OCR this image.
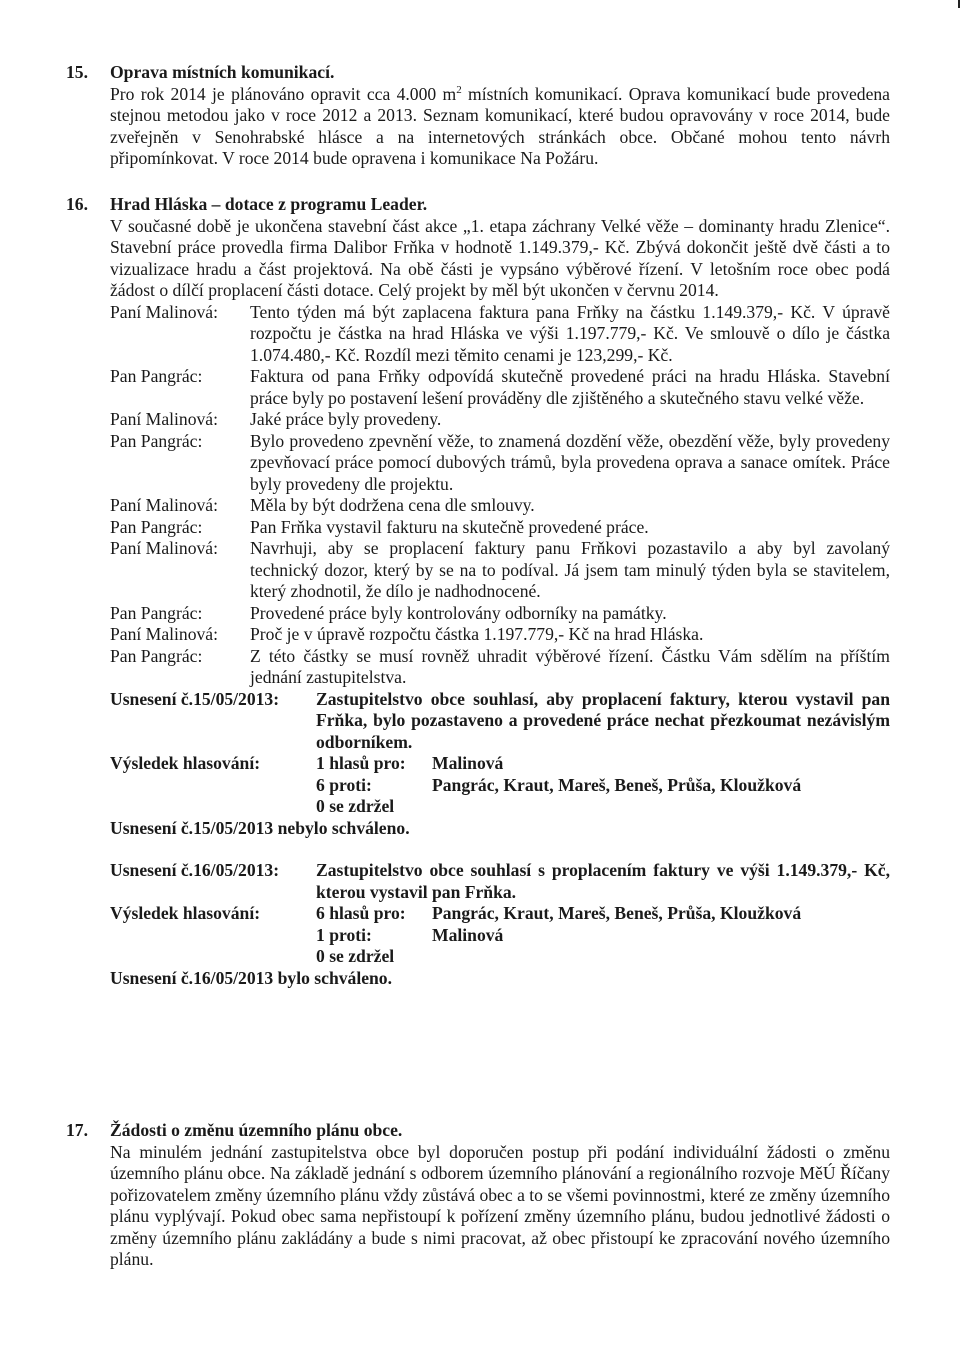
15. Oprava místních komunikací.
Pro rok 2014 je plánováno opravit cca 4.000 $m^2$ místních komunikací. Oprava komunikací bude provedena stejnou metodou jako v roce 2012 a 2013. Seznam komunikací, které budou opravovány v roce 2014, bude zveřejněn v Senohrabské hlásce a na internetových stránkách obce. Občané mohou tento návrh připomínkovat. V roce 2014 bude opravena i komunikace Na Požáru.
16. Hrad Hláska – dotace z programu Leader.
V současné době je ukončena stavební část akce „1. etapa záchrany Velké věže – dominanty hradu Zlenice“. Stavební práce provedla firma Dalibor Frňka v hodnotě 1.149.379,- Kč. Zbývá dokončit ještě dvě části a to vizualizace hradu a část projektová. Na obě části je vypsáno výběrové řízení. V letošním roce obec podá žádost o dílčí proplacení části dotace. Celý projekt by měl být ukončen v červnu 2014.
Paní Malinová:	Tento týden má být zaplacena faktura pana Frňky na částku 1.149.379,- Kč. V úpravě rozpočtu je částka na hrad Hláska ve výši 1.197.779,- Kč. Ve smlouvě o dílo je částka 1.074.480,- Kč. Rozdíl mezi těmito cenami je 123,299,- Kč.
Pan Pangrác:	Faktura od pana Frňky odpovídá skutečně provedené práci na hradu Hláska. Stavební práce byly po postavení lešení prováděny dle zjištěného a skutečného stavu velké věže.
Paní Malinová:	Jaké práce byly provedeny.
Pan Pangrác:	Bylo provedeno zpevnění věže, to znamená dozdění věže, obezdění věže, byly provedeny zpevňovací práce pomocí dubových trámů, byla provedena oprava a sanace omítek. Práce byly provedeny dle projektu.
Paní Malinová:	Měla by být dodržena cena dle smlouvy.
Pan Pangrác:	Pan Frňka vystavil fakturu na skutečně provedené práce.
Paní Malinová:	Navrhuji, aby se proplacení faktury panu Frňkovi pozastavilo a aby byl zavolaný technický dozor, který by se na to podíval. Já jsem tam minulý týden byla se stavitelem, který zhodnotil, že dílo je nadhodnocené.
Pan Pangrác:	Provedené práce byly kontrolovány odborníky na památky.
Paní Malinová:	Proč je v úpravě rozpočtu částka 1.197.779,- Kč na hrad Hláska.
Pan Pangrác:	Z této částky se musí rovněž uhradit výběrové řízení. Částku Vám sdělím na příštím jednání zastupitelstva.
Usnesení č.15/05/2013:	Zastupitelstvo obce souhlasí, aby proplacení faktury, kterou vystavil pan Frňka, bylo pozastaveno a provedené práce nechat přezkoumat nezávislým odborníkem.
Výsledek hlasování:	1 hlasů pro:	Malinová
6 proti:	Pangrác, Kraut, Mareš, Beneš, Průša, Kloužková
0 se zdržel
Usnesení č.15/05/2013 nebylo schváleno.
Usnesení č.16/05/2013:	Zastupitelstvo obce souhlasí s proplacením faktury ve výši 1.149.379,- Kč, kterou vystavil pan Frňka.
Výsledek hlasování:	6 hlasů pro:	Pangrác, Kraut, Mareš, Beneš, Průša, Kloužková
1 proti:	Malinová
0 se zdržel
Usnesení č.16/05/2013 bylo schváleno.
17. Žádosti o změnu územního plánu obce.
Na minulém jednání zastupitelstva obce byl doporučen postup při podání individuální žádosti o změnu územního plánu obce. Na základě jednání s odborem územního plánování a regionálního rozvoje MěÚ Říčany pořizovatelem změny územního plánu vždy zůstává obec a to se všemi povinnostmi, které ze změny územního plánu vyplývají. Pokud obec sama nepřistoupí k pořízení změny územního plánu, budou jednotlivé žádosti o změny územního plánu zakládány a bude s nimi pracovat, až obec přistoupí ke zpracování nového územního plánu.
